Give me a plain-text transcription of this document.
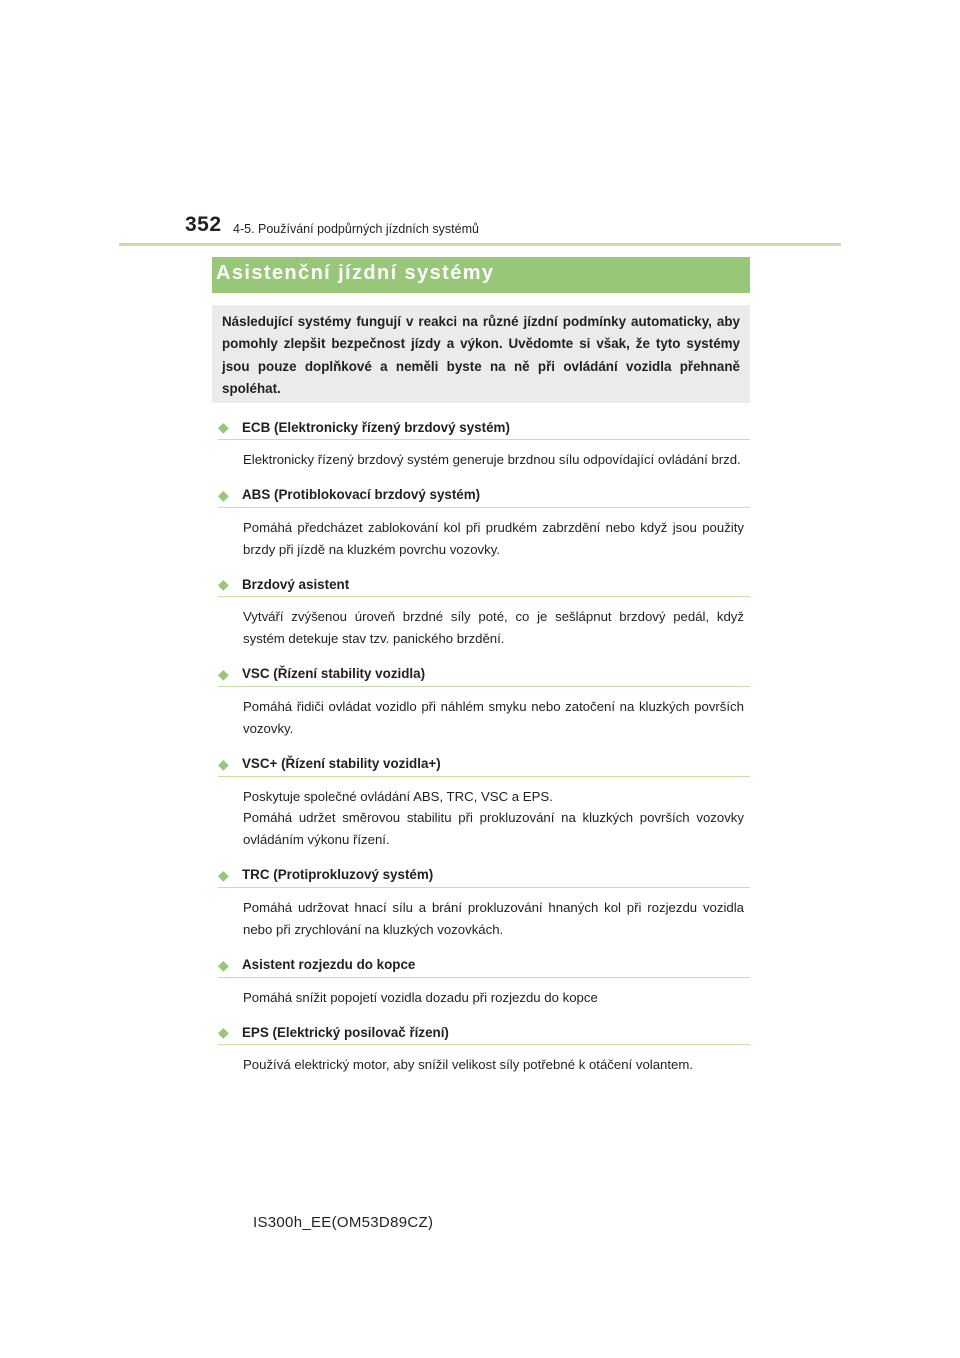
352 4-5. Používání podpůrných jízdních systémů
Asistenční jízdní systémy

Následující systémy fungují v reakci na různé jízdní podmínky automaticky, aby pomohly zlepšit bezpečnost jízdy a výkon. Uvědomte si však, že tyto systémy jsou pouze doplňkové a neměli byste na ně při ovládání vozidla přehnaně spoléhat.

◆ ECB (Elektronicky řízený brzdový systém)

Elektronicky řízený brzdový systém generuje brzdnou sílu odpovídající ovládání brzd.

◆ ABS (Protiblokovací brzdový systém)

Pomáhá předcházet zablokování kol při prudkém zabrzdění nebo když jsou použity brzdy při jízdě na kluzkém povrchu vozovky.

◆ Brzdový asistent

Vytváří zvýšenou úroveň brzdné síly poté, co je sešlápnut brzdový pedál, když systém detekuje stav tzv. panického brzdění.

◆ VSC (Řízení stability vozidla)

Pomáhá řidiči ovládat vozidlo při náhlém smyku nebo zatočení na kluzkých površích vozovky.

◆ VSC+ (Řízení stability vozidla+)

Poskytuje společné ovládání ABS, TRC, VSC a EPS.
Pomáhá udržet směrovou stabilitu při prokluzování na kluzkých površích vozovky ovládáním výkonu řízení.

◆ TRC (Protiprokluzový systém)

Pomáhá udržovat hnací sílu a brání prokluzování hnaných kol při rozjezdu vozidla nebo při zrychlování na kluzkých vozovkách.

◆ Asistent rozjezdu do kopce

Pomáhá snížit popojetí vozidla dozadu při rozjezdu do kopce

◆ EPS (Elektrický posilovač řízení)

Používá elektrický motor, aby snížil velikost síly potřebné k otáčení volantem.

IS300h_EE(OM53D89CZ)
